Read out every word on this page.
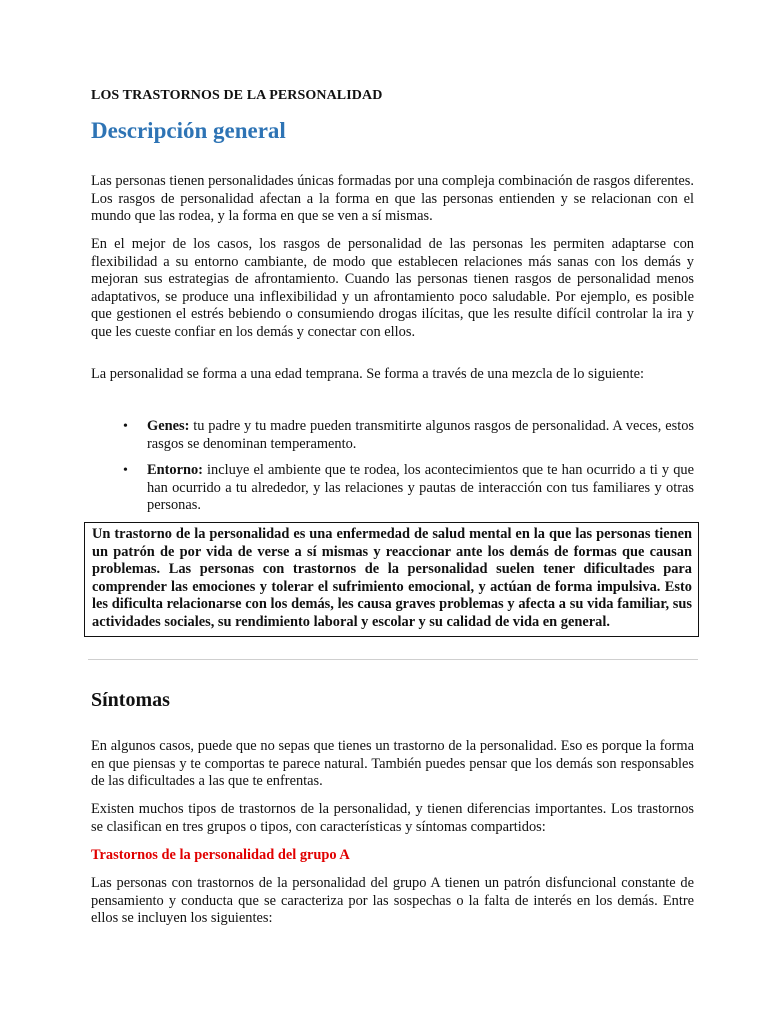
LOS TRASTORNOS DE LA PERSONALIDAD
Descripción general

Las personas tienen personalidades únicas formadas por una compleja combinación de rasgos diferentes. Los rasgos de personalidad afectan a la forma en que las personas entienden y se relacionan con el mundo que las rodea, y la forma en que se ven a sí mismas.

En el mejor de los casos, los rasgos de personalidad de las personas les permiten adaptarse con flexibilidad a su entorno cambiante, de modo que establecen relaciones más sanas con los demás y mejoran sus estrategias de afrontamiento. Cuando las personas tienen rasgos de personalidad menos adaptativos, se produce una inflexibilidad y un afrontamiento poco saludable. Por ejemplo, es posible que gestionen el estrés bebiendo o consumiendo drogas ilícitas, que les resulte difícil controlar la ira y que les cueste confiar en los demás y conectar con ellos.

La personalidad se forma a una edad temprana. Se forma a través de una mezcla de lo siguiente:

• Genes: tu padre y tu madre pueden transmitirte algunos rasgos de personalidad. A veces, estos rasgos se denominan temperamento.
• Entorno: incluye el ambiente que te rodea, los acontecimientos que te han ocurrido a ti y que han ocurrido a tu alrededor, y las relaciones y pautas de interacción con tus familiares y otras personas.
Un trastorno de la personalidad es una enfermedad de salud mental en la que las personas tienen un patrón de por vida de verse a sí mismas y reaccionar ante los demás de formas que causan problemas. Las personas con trastornos de la personalidad suelen tener dificultades para comprender las emociones y tolerar el sufrimiento emocional, y actúan de forma impulsiva. Esto les dificulta relacionarse con los demás, les causa graves problemas y afecta a su vida familiar, sus actividades sociales, su rendimiento laboral y escolar y su calidad de vida en general.
Síntomas

En algunos casos, puede que no sepas que tienes un trastorno de la personalidad. Eso es porque la forma en que piensas y te comportas te parece natural. También puedes pensar que los demás son responsables de las dificultades a las que te enfrentas.

Existen muchos tipos de trastornos de la personalidad, y tienen diferencias importantes. Los trastornos se clasifican en tres grupos o tipos, con características y síntomas compartidos:

Trastornos de la personalidad del grupo A

Las personas con trastornos de la personalidad del grupo A tienen un patrón disfuncional constante de pensamiento y conducta que se caracteriza por las sospechas o la falta de interés en los demás. Entre ellos se incluyen los siguientes:
